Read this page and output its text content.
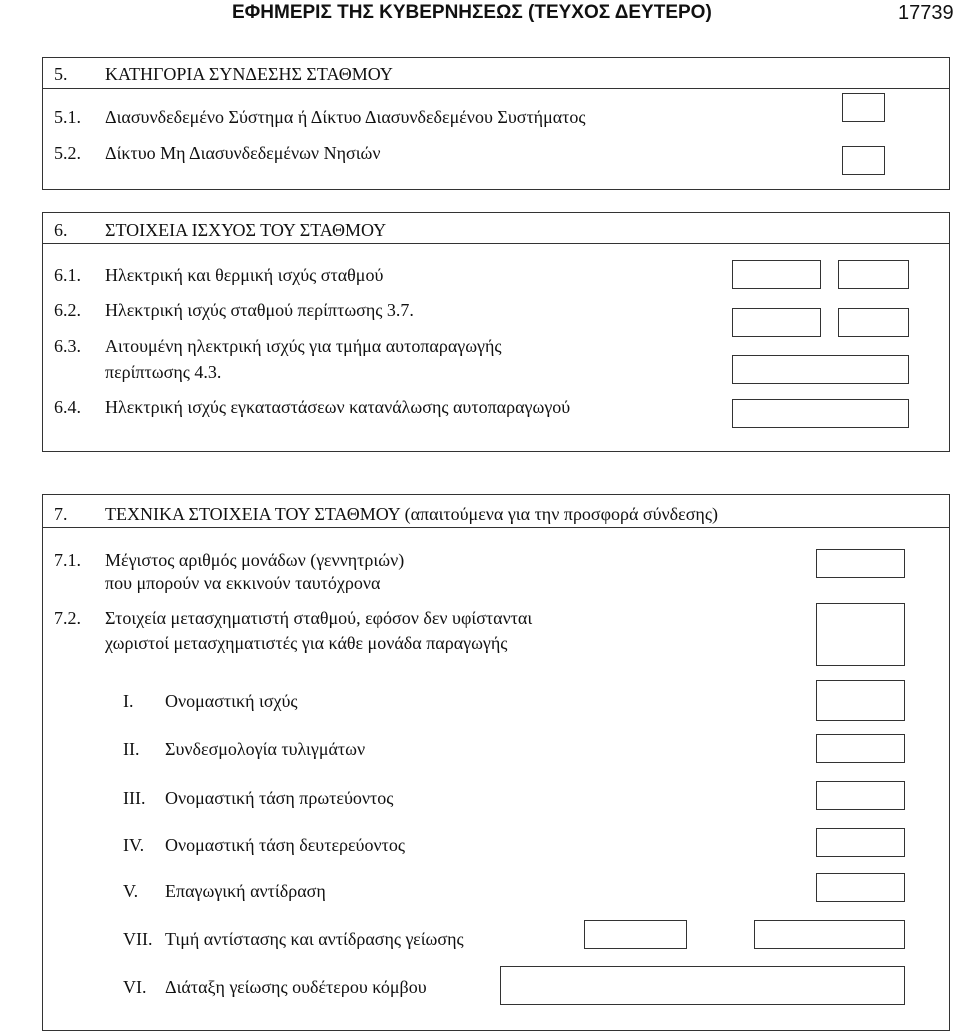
ΕΦΗΜΕΡΙΣ ΤΗΣ ΚΥΒΕΡΝΗΣΕΩΣ (ΤΕΥΧΟΣ ΔΕΥΤΕΡΟ)	17739
5. ΚΑΤΗΓΟΡΙΑ ΣΥΝΔΕΣΗΣ ΣΤΑΘΜΟΥ
5.1. Διασυνδεδεμένο Σύστημα ή Δίκτυο Διασυνδεδεμένου Συστήματος
5.2. Δίκτυο Μη Διασυνδεδεμένων Νησιών
6. ΣΤΟΙΧΕΙΑ ΙΣΧΥΟΣ ΤΟΥ ΣΤΑΘΜΟΥ
6.1. Ηλεκτρική και θερμική ισχύς σταθμού
6.2. Ηλεκτρική ισχύς σταθμού περίπτωσης 3.7.
6.3. Αιτουμένη ηλεκτρική ισχύς για τμήμα αυτοπαραγωγής
περίπτωσης 4.3.
6.4. Ηλεκτρική ισχύς εγκαταστάσεων κατανάλωσης αυτοπαραγωγού
7. ΤΕΧΝΙΚΑ ΣΤΟΙΧΕΙΑ ΤΟΥ ΣΤΑΘΜΟΥ (απαιτούμενα για την προσφορά σύνδεσης)
7.1. Μέγιστος αριθμός μονάδων (γεννητριών)
που μπορούν να εκκινούν ταυτόχρονα
7.2. Στοιχεία μετασχηματιστή σταθμού, εφόσον δεν υφίστανται
χωριστοί μετασχηματιστές για κάθε μονάδα παραγωγής
I. Ονομαστική ισχύς
II. Συνδεσμολογία τυλιγμάτων
III. Ονομαστική τάση πρωτεύοντος
IV. Ονομαστική τάση δευτερεύοντος
V. Επαγωγική αντίδραση
VII. Τιμή αντίστασης και αντίδρασης γείωσης
VI. Διάταξη γείωσης ουδέτερου κόμβου
